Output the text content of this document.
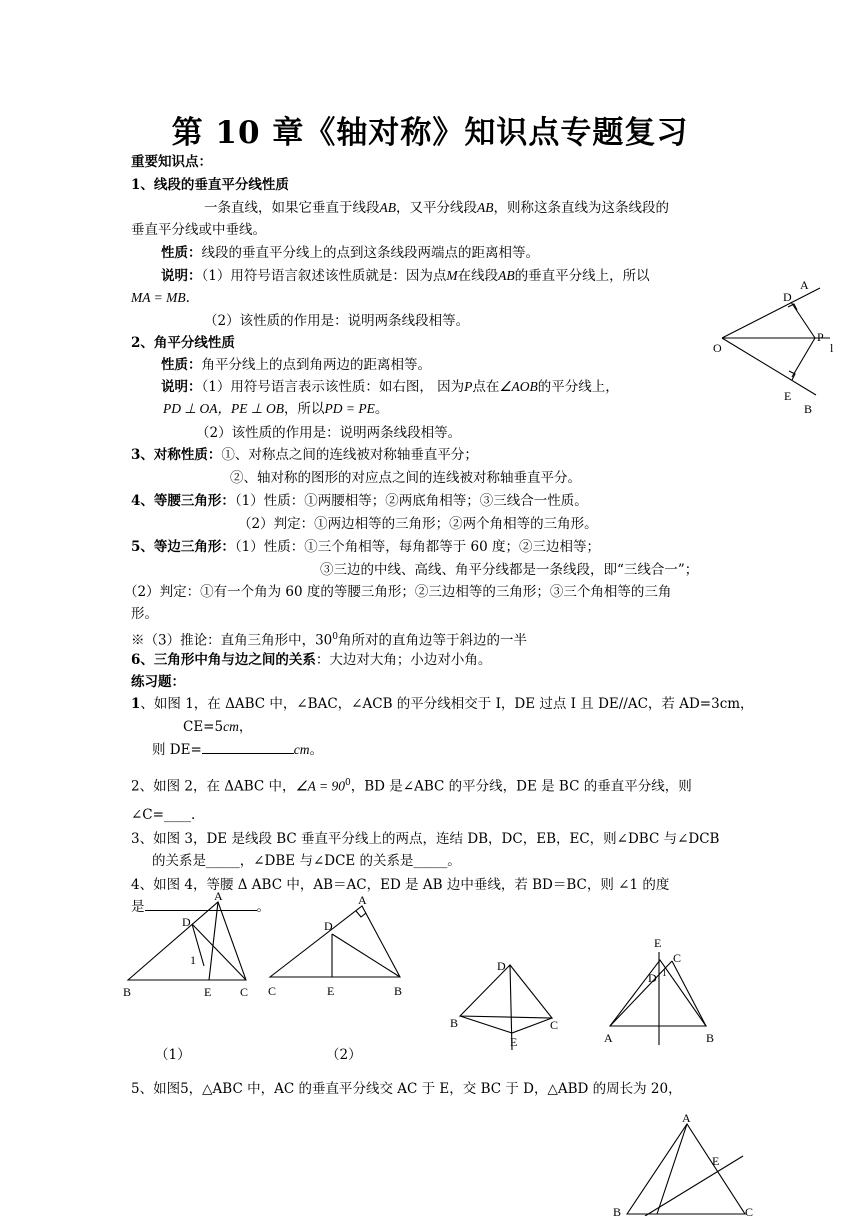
第 10 章《轴对称》知识点专题复习
重要知识点：
1、线段的垂直平分线性质
一条直线，如果它垂直于线段AB，又平分线段AB，则称这条直线为这条线段的
垂直平分线或中垂线。
性质：线段的垂直平分线上的点到这条线段两端点的距离相等。
说明：（1）用符号语言叙述该性质就是：因为点M在线段AB的垂直平分线上，所以
MA = MB.
（2）该性质的作用是：说明两条线段相等。
2、角平分线性质
性质：角平分线上的点到角两边的距离相等。
说明：（1）用符号语言表示该性质：如右图， 因为P点在∠AOB的平分线上，
PD ⊥ OA，PE ⊥ OB，所以PD = PE。
（2）该性质的作用是：说明两条线段相等。
A
D
P
O	l
E
B
3、对称性质：①、对称点之间的连线被对称轴垂直平分；
②、轴对称的图形的对应点之间的连线被对称轴垂直平分。
4、等腰三角形：（1）性质：①两腰相等；②两底角相等；③三线合一性质。
（2）判定：①两边相等的三角形；②两个角相等的三角形。
5、等边三角形：（1）性质：①三个角相等，每角都等于 60 度；②三边相等；
③三边的中线、高线、角平分线都是一条线段，即“三线合一”；
（2）判定：①有一个角为 60 度的等腰三角形；②三边相等的三角形；③三个角相等的三角
形。
※（3）推论：直角三角形中，$30^0$角所对的直角边等于斜边的一半
6、三角形中角与边之间的关系：大边对大角；小边对小角。
练习题：
1、如图 1，在 ΔABC 中，∠BAC，∠ACB 的平分线相交于 I，DE 过点 I 且 DE//AC，若 AD=3cm，
CE=5cm，
则 DE=	cm。
2、如图 2，在 ΔABC 中，∠A = $90^0$，BD 是∠ABC 的平分线，DE 是 BC 的垂直平分线，则
∠C=____.
3、如图 3，DE 是线段 BC 垂直平分线上的两点，连结 DB，DC，EB，EC，则∠DBC 与∠DCB
的关系是_____，∠DBE 与∠DCE 的关系是_____。
4、如图 4，等腰 Δ ABC 中，AB＝AC，ED 是 AB 边中垂线，若 BD＝BC，则 ∠1 的度
是	。
A
D
1
B	E C
（1）
A
D
C	E	B
（2）
D
B	C
E
E
C
D 1
A	B
5、如图5，△ABC 中，AC 的垂直平分线交 AC 于 E，交 BC 于 D，△ABD 的周长为 20，
A
E
B	C
